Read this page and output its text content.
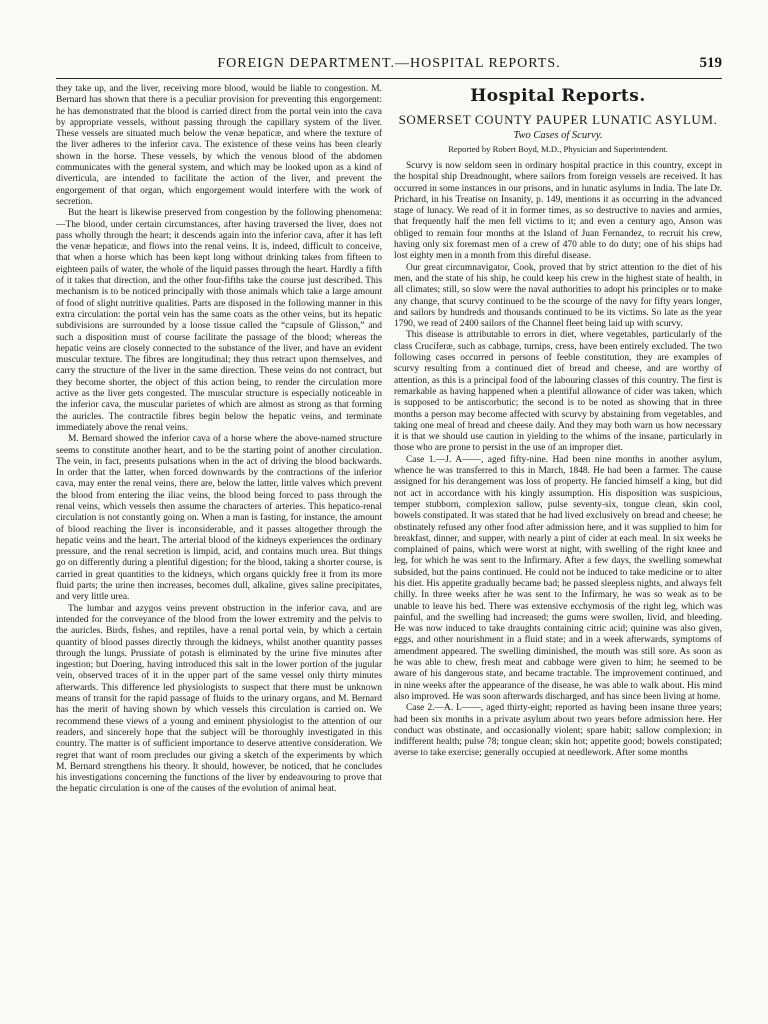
FOREIGN DEPARTMENT.—HOSPITAL REPORTS.	519

they take up, and the liver, receiving more blood, would be liable to congestion. M. Bernard has shown that there is a peculiar provision for preventing this engorgement: he has demonstrated that the blood is carried direct from the portal vein into the cava by appropriate vessels, without passing through the capillary system of the liver. These vessels are situated much below the venæ hepaticæ, and where the texture of the liver adheres to the inferior cava. The existence of these veins has been clearly shown in the horse. These vessels, by which the venous blood of the abdomen communicates with the general system, and which may be looked upon as a kind of diverticula, are intended to facilitate the action of the liver, and prevent the engorgement of that organ, which engorgement would interfere with the work of secretion.

But the heart is likewise preserved from congestion by the following phenomena:—The blood, under certain circumstances, after having traversed the liver, does not pass wholly through the heart; it descends again into the inferior cava, after it has left the venæ hepaticæ, and flows into the renal veins. It is, indeed, difficult to conceive, that when a horse which has been kept long without drinking takes from fifteen to eighteen pails of water, the whole of the liquid passes through the heart. Hardly a fifth of it takes that direction, and the other four-fifths take the course just described. This mechanism is to be noticed principally with those animals which take a large amount of food of slight nutritive qualities. Parts are disposed in the following manner in this extra circulation: the portal vein has the same coats as the other veins, but its hepatic subdivisions are surrounded by a loose tissue called the “capsule of Glisson,” and such a disposition must of course facilitate the passage of the blood; whereas the hepatic veins are closely connected to the substance of the liver, and have an evident muscular texture. The fibres are longitudinal; they thus retract upon themselves, and carry the structure of the liver in the same direction. These veins do not contract, but they become shorter, the object of this action being, to render the circulation more active as the liver gets congested. The muscular structure is especially noticeable in the inferior cava, the muscular parietes of which are almost as strong as that forming the auricles. The contractile fibres begin below the hepatic veins, and terminate immediately above the renal veins.

M. Bernard showed the inferior cava of a horse where the above-named structure seems to constitute another heart, and to be the starting point of another circulation. The vein, in fact, presents pulsations when in the act of driving the blood backwards. In order that the latter, when forced downwards by the contractions of the inferior cava, may enter the renal veins, there are, below the latter, little valves which prevent the blood from entering the iliac veins, the blood being forced to pass through the renal veins, which vessels then assume the characters of arteries. This hepatico-renal circulation is not constantly going on. When a man is fasting, for instance, the amount of blood reaching the liver is inconsiderable, and it passes altogether through the hepatic veins and the heart. The arterial blood of the kidneys experiences the ordinary pressure, and the renal secretion is limpid, acid, and contains much urea. But things go on differently during a plentiful digestion; for the blood, taking a shorter course, is carried in great quantities to the kidneys, which organs quickly free it from its more fluid parts; the urine then increases, becomes dull, alkaline, gives saline precipitates, and very little urea.

The lumbar and azygos veins prevent obstruction in the inferior cava, and are intended for the conveyance of the blood from the lower extremity and the pelvis to the auricles. Birds, fishes, and reptiles, have a renal portal vein, by which a certain quantity of blood passes directly through the kidneys, whilst another quantity passes through the lungs. Prussiate of potash is eliminated by the urine five minutes after ingestion; but Doering, having introduced this salt in the lower portion of the jugular vein, observed traces of it in the upper part of the same vessel only thirty minutes afterwards. This difference led physiologists to suspect that there must be unknown means of transit for the rapid passage of fluids to the urinary organs, and M. Bernard has the merit of having shown by which vessels this circulation is carried on. We recommend these views of a young and eminent physiologist to the attention of our readers, and sincerely hope that the subject will be thoroughly investigated in this country. The matter is of sufficient importance to deserve attentive consideration. We regret that want of room precludes our giving a sketch of the experiments by which M. Bernard strengthens his theory. It should, however, be noticed, that he concludes his investigations concerning the functions of the liver by endeavouring to prove that the hepatic circulation is one of the causes of the evolution of animal heat.

Hospital Reports.
SOMERSET COUNTY PAUPER LUNATIC ASYLUM.
Two Cases of Scurvy.
Reported by Robert Boyd, M.D., Physician and Superintendent.

Scurvy is now seldom seen in ordinary hospital practice in this country, except in the hospital ship Dreadnought, where sailors from foreign vessels are received. It has occurred in some instances in our prisons, and in lunatic asylums in India. The late Dr. Prichard, in his Treatise on Insanity, p. 149, mentions it as occurring in the advanced stage of lunacy. We read of it in former times, as so destructive to navies and armies, that frequently half the men fell victims to it; and even a century ago, Anson was obliged to remain four months at the Island of Juan Fernandez, to recruit his crew, having only six foremast men of a crew of 470 able to do duty; one of his ships had lost eighty men in a month from this direful disease.

Our great circumnavigator, Cook, proved that by strict attention to the diet of his men, and the state of his ship, he could keep his crew in the highest state of health, in all climates; still, so slow were the naval authorities to adopt his principles or to make any change, that scurvy continued to be the scourge of the navy for fifty years longer, and sailors by hundreds and thousands continued to be its victims. So late as the year 1790, we read of 2400 sailors of the Channel fleet being laid up with scurvy.

This disease is attributable to errors in diet, where vegetables, particularly of the class Cruciferæ, such as cabbage, turnips, cress, have been entirely excluded. The two following cases occurred in persons of feeble constitution, they are examples of scurvy resulting from a continued diet of bread and cheese, and are worthy of attention, as this is a principal food of the labouring classes of this country. The first is remarkable as having happened when a plentiful allowance of cider was taken, which is supposed to be antiscorbutic; the second is to be noted as showing that in three months a person may become affected with scurvy by abstaining from vegetables, and taking one meal of bread and cheese daily. And they may both warn us how necessary it is that we should use caution in yielding to the whims of the insane, particularly in those who are prone to persist in the use of an improper diet.

Case 1.—J. A——, aged fifty-nine. Had been nine months in another asylum, whence he was transferred to this in March, 1848. He had been a farmer. The cause assigned for his derangement was loss of property. He fancied himself a king, but did not act in accordance with his kingly assumption. His disposition was suspicious, temper stubborn, complexion sallow, pulse seventy-six, tongue clean, skin cool, bowels constipated. It was stated that he had lived exclusively on bread and cheese; he obstinately refused any other food after admission here, and it was supplied to him for breakfast, dinner, and supper, with nearly a pint of cider at each meal. In six weeks he complained of pains, which were worst at night, with swelling of the right knee and leg, for which he was sent to the Infirmary. After a few days, the swelling somewhat subsided, but the pains continued. He could not be induced to take medicine or to alter his diet. His appetite gradually became bad; he passed sleepless nights, and always felt chilly. In three weeks after he was sent to the Infirmary, he was so weak as to be unable to leave his bed. There was extensive ecchymosis of the right leg, which was painful, and the swelling had increased; the gums were swollen, livid, and bleeding. He was now induced to take draughts containing citric acid; quinine was also given, eggs, and other nourishment in a fluid state; and in a week afterwards, symptoms of amendment appeared. The swelling diminished, the mouth was still sore. As soon as he was able to chew, fresh meat and cabbage were given to him; he seemed to be aware of his dangerous state, and became tractable. The improvement continued, and in nine weeks after the appearance of the disease, he was able to walk about. His mind also improved. He was soon afterwards discharged, and has since been living at home.

Case 2.—A. L——, aged thirty-eight; reported as having been insane three years; had been six months in a private asylum about two years before admission here. Her conduct was obstinate, and occasionally violent; spare habit; sallow complexion; in indifferent health; pulse 78; tongue clean; skin hot; appetite good; bowels constipated; averse to take exercise; generally occupied at needlework. After some months
